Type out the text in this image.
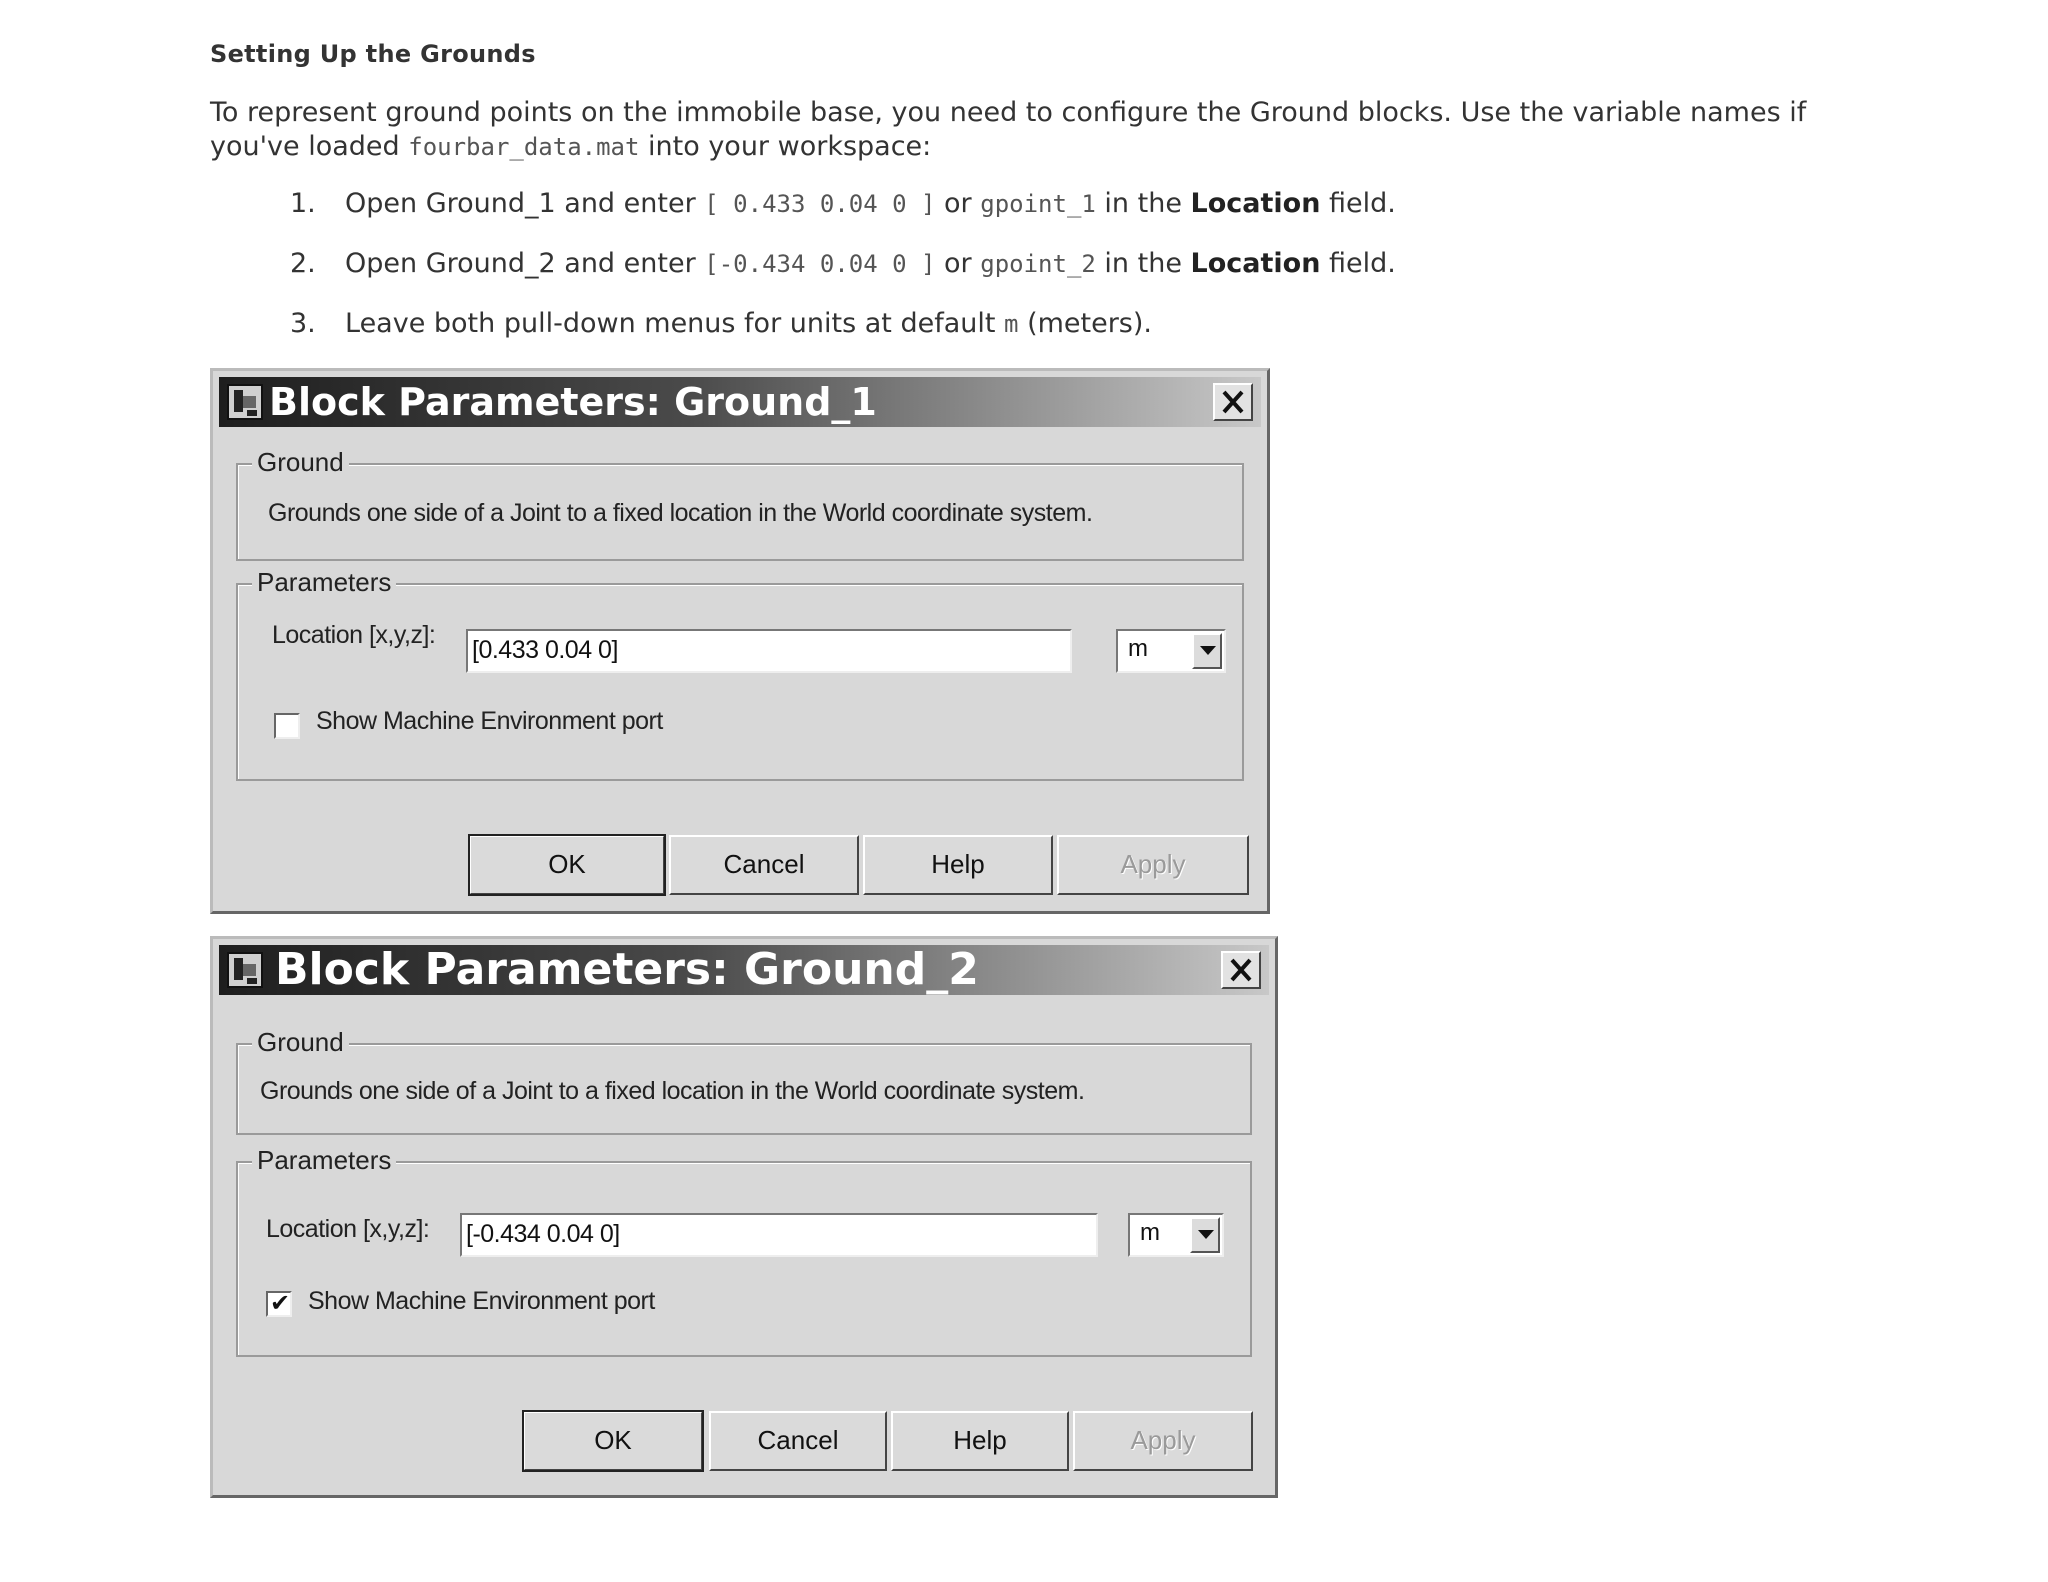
Setting Up the Grounds
To represent ground points on the immobile base, you need to configure the Ground blocks. Use the variable names if
you've loaded fourbar_data.mat into your workspace:
1. Open Ground_1 and enter [ 0.433 0.04 0 ] or gpoint_1 in the Location field.
2. Open Ground_2 and enter [-0.434 0.04 0 ] or gpoint_2 in the Location field.
3. Leave both pull-down menus for units at default m (meters).
Block Parameters: Ground_1
Ground
Grounds one side of a Joint to a fixed location in the World coordinate system.
Parameters
Location [x,y,z]:
[0.433 0.04 0]	m
Show Machine Environment port
OK	Cancel	Help	Apply
Block Parameters: Ground_2
Ground
Grounds one side of a Joint to a fixed location in the World coordinate system.
Parameters
Location [x,y,z]: [-0.434 0.04 0]	m
✔ Show Machine Environment port
OK	Cancel	Help	Apply
